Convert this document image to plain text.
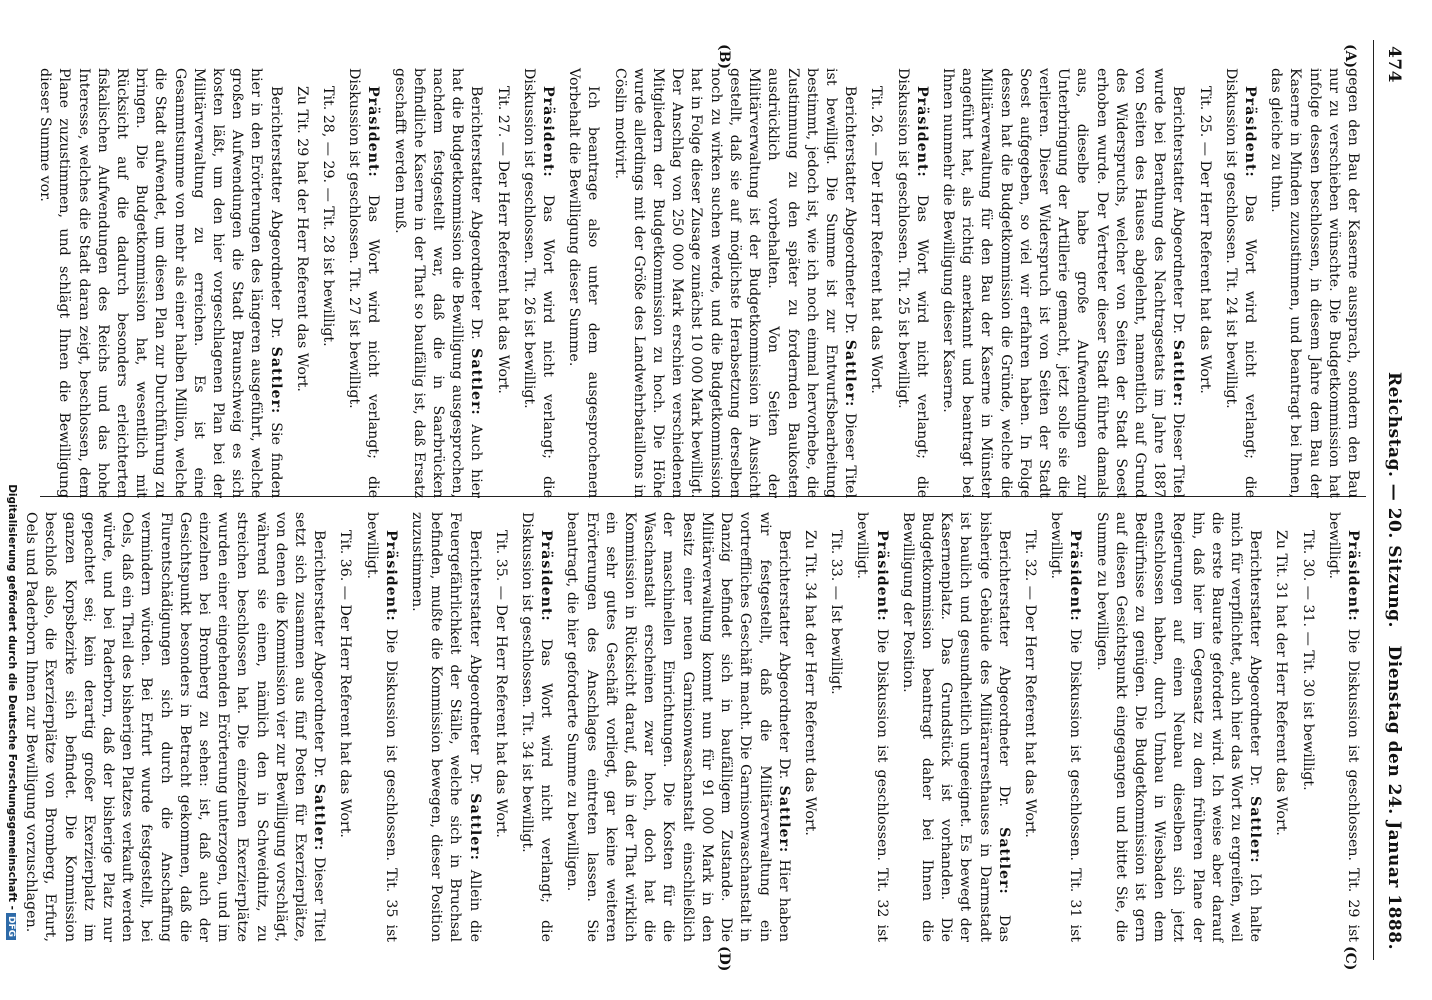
474
Reichstag. — 20. Sitzung.
Dienstag den 24. Januar 1888.
(A)
(B)
(C)
(D)

gegen den Bau der Kaserne aussprach, sondern den Bau nur zu verschieben wünschte. Die Budgetkommission hat infolge dessen beschlossen, in diesem Jahre dem Bau der Kaserne in Minden zuzustimmen, und beantragt bei Ihnen, das gleiche zu thun.

Präsident: Das Wort wird nicht verlangt; die Diskussion ist geschlossen. Tit. 24 ist bewilligt.

Tit. 25. — Der Herr Referent hat das Wort.

Berichterstatter Abgeordneter Dr. Sattler: Dieser Titel wurde bei Berathung des Nachtragsetats im Jahre 1887 von Seiten des Hauses abgelehnt, namentlich auf Grund des Widerspruchs, welcher von Seiten der Stadt Soest erhoben wurde. Der Vertreter dieser Stadt führte damals aus, dieselbe habe große Aufwendungen zur Unterbringung der Artillerie gemacht, jetzt solle sie die verlieren. Dieser Widerspruch ist von Seiten der Stadt Soest aufgegeben, so viel wir erfahren haben. In Folge dessen hat die Budgetkommission die Gründe, welche die Militärverwaltung für den Bau der Kaserne in Münster angeführt hat, als richtig anerkannt und beantragt bei Ihnen nunmehr die Bewilligung dieser Kaserne.

Präsident: Das Wort wird nicht verlangt; die Diskussion ist geschlossen. Tit. 25 ist bewilligt.

Tit. 26. — Der Herr Referent hat das Wort.

Berichterstatter Abgeordneter Dr. Sattler: Dieser Titel ist bewilligt. Die Summe ist zur Entwurfsbearbeitung bestimmt, jedoch ist, wie ich noch einmal hervorhebe, die Zustimmung zu den später zu fordernden Baukosten ausdrücklich vorbehalten. Von Seiten der Militärverwaltung ist der Budgetkommission in Aussicht gestellt, daß sie auf möglichste Herabsetzung derselben noch zu wirken suchen werde, und die Budgetkommission hat in Folge dieser Zusage zunächst 10 000 Mark bewilligt. Der Anschlag von 250 000 Mark erschien verschiedenen Mitgliedern der Budgetkommission zu hoch. Die Höhe wurde allerdings mit der Größe des Landwehrbataillons in Cöslin motivirt.

Ich beantrage also unter dem ausgesprochenen Vorbehalt die Bewilligung dieser Summe.

Präsident: Das Wort wird nicht verlangt; die Diskussion ist geschlossen. Tit. 26 ist bewilligt.

Tit. 27. — Der Herr Referent hat das Wort.

Berichterstatter Abgeordneter Dr. Sattler: Auch hier hat die Budgetkommission die Bewilligung ausgesprochen, nachdem festgestellt war, daß die in Saarbrücken befindliche Kaserne in der That so baufällig ist, daß Ersatz geschafft werden muß.

Präsident: Das Wort wird nicht verlangt; die Diskussion ist geschlossen. Tit. 27 ist bewilligt.

Tit. 28, — 29. — Tit. 28 ist bewilligt.

Zu Tit. 29 hat der Herr Referent das Wort.

Berichterstatter Abgeordneter Dr. Sattler: Sie finden hier in den Erörterungen des längeren ausgeführt, welche großen Aufwendungen die Stadt Braunschweig es sich kosten läßt, um den hier vorgeschlagenen Plan bei der Militärverwaltung zu erreichen. Es ist eine Gesammtsumme von mehr als einer halben Million, welche die Stadt aufwendet, um diesen Plan zur Durchführung zu bringen. Die Budgetkommission hat, wesentlich mit Rücksicht auf die dadurch besonders erleichterten fiskalischen Aufwendungen des Reichs und das hohe Interesse, welches die Stadt daran zeigt, beschlossen, dem Plane zuzustimmen, und schlägt Ihnen die Bewilligung dieser Summe vor.

Präsident: Die Diskussion ist geschlossen. Tit. 29 ist bewilligt.

Tit. 30. — 31. — Tit. 30 ist bewilligt.

Zu Tit. 31 hat der Herr Referent das Wort.

Berichterstatter Abgeordneter Dr. Sattler: Ich halte mich für verpflichtet, auch hier das Wort zu ergreifen, weil die erste Baurate gefordert wird. Ich weise aber darauf hin, daß hier im Gegensatz zu dem früheren Plane der Regierungen auf einen Neubau dieselben sich jetzt entschlossen haben, durch Umbau in Wiesbaden dem Bedürfnisse zu genügen. Die Budgetkommission ist gern auf diesen Gesichtspunkt eingegangen und bittet Sie, die Summe zu bewilligen.

Präsident: Die Diskussion ist geschlossen. Tit. 31 ist bewilligt.

Tit. 32. — Der Herr Referent hat das Wort.

Berichterstatter Abgeordneter Dr. Sattler: Das bisherige Gebäude des Militärarresthauses in Darmstadt ist baulich und gesundheitlich ungeeignet. Es bewegt der Kasernenplatz. Das Grundstück ist vorhanden. Die Budgetkommission beantragt daher bei Ihnen die Bewilligung der Position.

Präsident: Die Diskussion ist geschlossen. Tit. 32 ist bewilligt.

Tit. 33. — Ist bewilligt.

Zu Tit. 34 hat der Herr Referent das Wort.

Berichterstatter Abgeordneter Dr. Sattler: Hier haben wir festgestellt, daß die Militärverwaltung ein vortreffliches Geschäft macht. Die Garnisonwaschanstalt in Danzig befindet sich in baufälligem Zustande. Die Militärverwaltung kommt nun für 91 000 Mark in den Besitz einer neuen Garnisonwaschanstalt einschließlich der maschinellen Einrichtungen. Die Kosten für die Waschanstalt erscheinen zwar hoch, doch hat die Kommission in Rücksicht darauf, daß in der That wirklich ein sehr gutes Geschäft vorliegt, gar keine weiteren Erörterungen des Anschlages eintreten lassen. Sie beantragt, die hier geforderte Summe zu bewilligen.

Präsident: Das Wort wird nicht verlangt; die Diskussion ist geschlossen. Tit. 34 ist bewilligt.

Tit. 35. — Der Herr Referent hat das Wort.

Berichterstatter Abgeordneter Dr. Sattler: Allein die Feuergefährlichkeit der Ställe, welche sich in Bruchsal befinden, mußte die Kommission bewegen, dieser Position zuzustimmen.

Präsident: Die Diskussion ist geschlossen. Tit. 35 ist bewilligt.

Tit. 36. — Der Herr Referent hat das Wort.

Berichterstatter Abgeordneter Dr. Sattler: Dieser Titel setzt sich zusammen aus fünf Posten für Exerzierplätze, von denen die Kommission vier zur Bewilligung vorschlägt, während sie einen, nämlich den in Schweidnitz, zu streichen beschlossen hat. Die einzelnen Exerzierplätze wurden einer eingehenden Erörterung unterzogen, und im einzelnen bei Bromberg zu sehen: ist, daß auch der Gesichtspunkt besonders in Betracht gekommen, daß die Flurentschädigungen sich durch die Anschaffung vermindern würden. Bei Erfurt wurde festgestellt, bei Oels, daß ein Theil des bisherigen Platzes verkauft werden würde, und bei Paderborn, daß der bisherige Platz nur gepachtet sei; kein derartig großer Exerzierplatz im ganzen Korpsbezirke sich befindet. Die Kommission beschloß also, die Exerzierplätze von Bromberg, Erfurt, Oels und Paderborn Ihnen zur Bewilligung vorzuschlagen.

Digitalisierung gefördert durch die Deutsche Forschungsgemeinschaft -DFG
